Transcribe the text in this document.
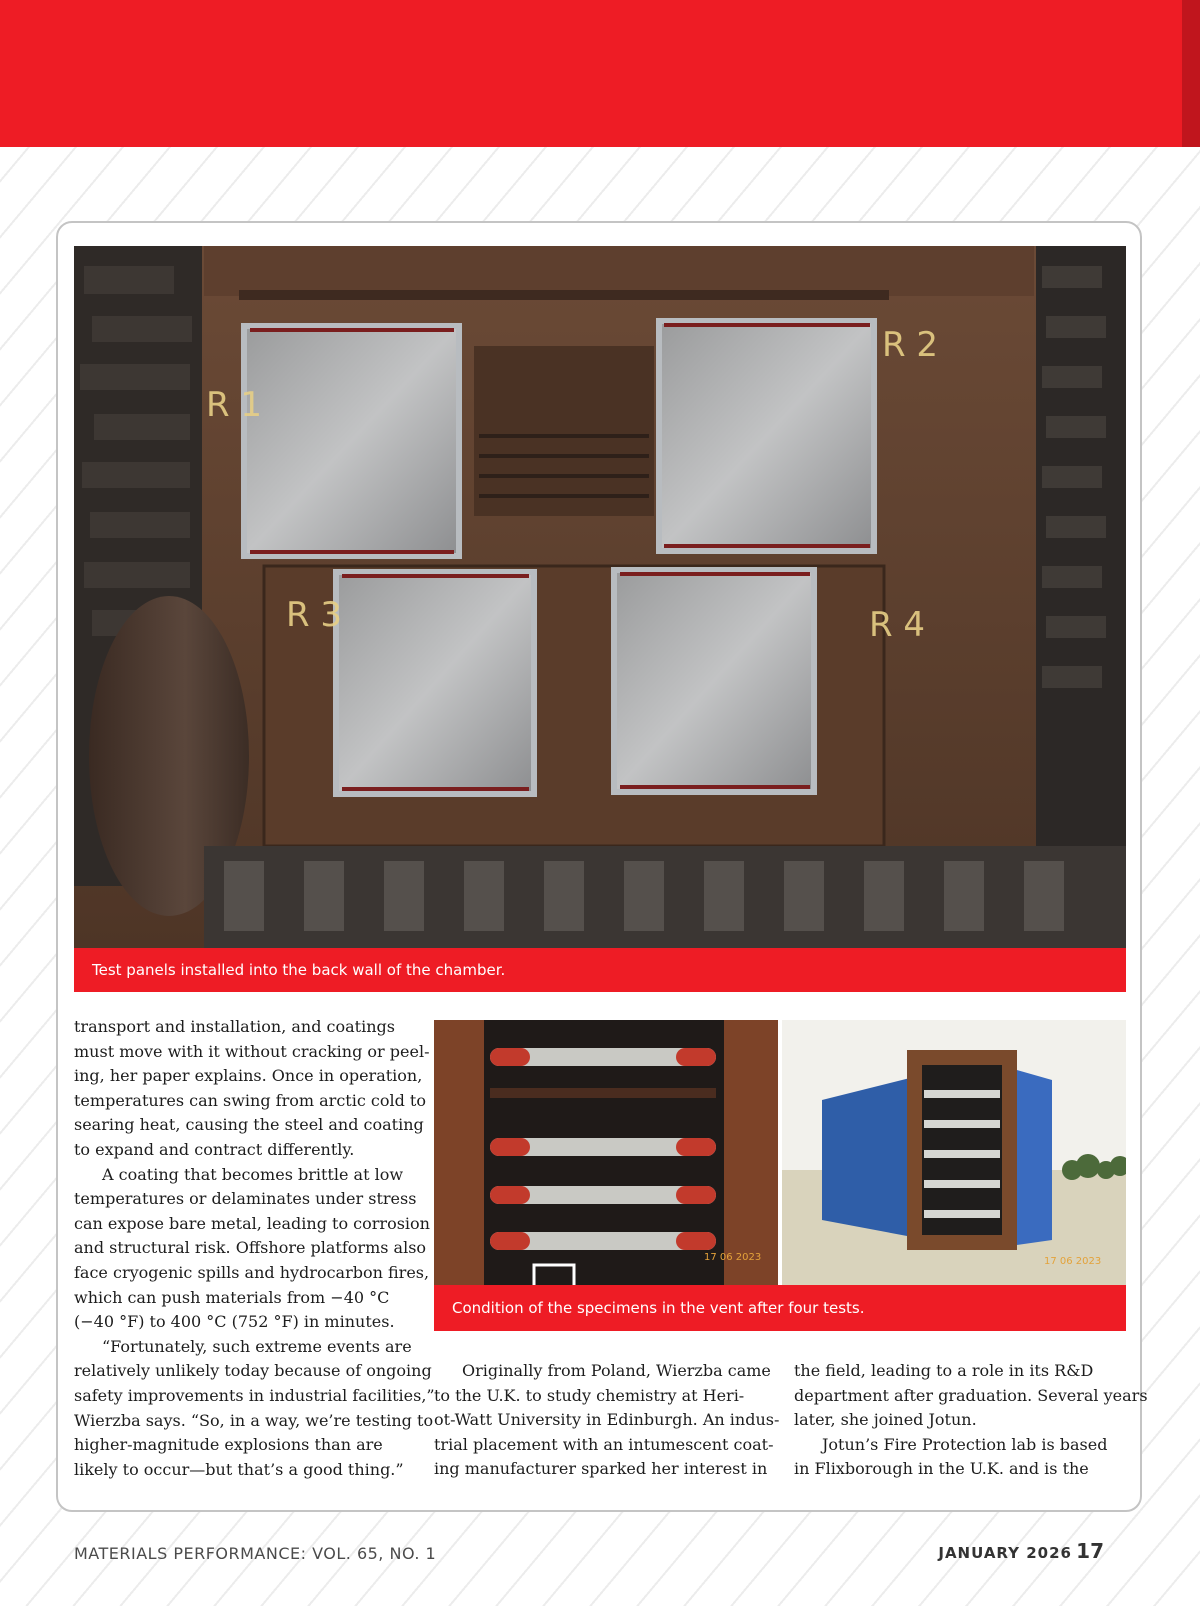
R 1
R 2
R 3	R 4
Test panels installed into the back wall of the chamber.
17 06 2023	17 06 2023
Condition of the specimens in the vent after four tests.

transport and installation, and coatings
must move with it without cracking or peel-
ing, her paper explains. Once in operation,
temperatures can swing from arctic cold to
searing heat, causing the steel and coating
to expand and contract differently.

A coating that becomes brittle at low
temperatures or delaminates under stress
can expose bare metal, leading to corrosion
and structural risk. Offshore platforms also
face cryogenic spills and hydrocarbon fires,
which can push materials from −40 °C
(−40 °F) to 400 °C (752 °F) in minutes.

“Fortunately, such extreme events are
relatively unlikely today because of ongoing
safety improvements in industrial facilities,”
Wierzba says. “So, in a way, we’re testing to
higher-magnitude explosions than are
likely to occur—but that’s a good thing.”

Originally from Poland, Wierzba came
to the U.K. to study chemistry at Heri-
ot-Watt University in Edinburgh. An indus-
trial placement with an intumescent coat-
ing manufacturer sparked her interest in

the field, leading to a role in its R&D
department after graduation. Several years
later, she joined Jotun.

Jotun’s Fire Protection lab is based
in Flixborough in the U.K. and is the

MATERIALS PERFORMANCE: VOL. 65, NO. 1	JANUARY 2026 17
